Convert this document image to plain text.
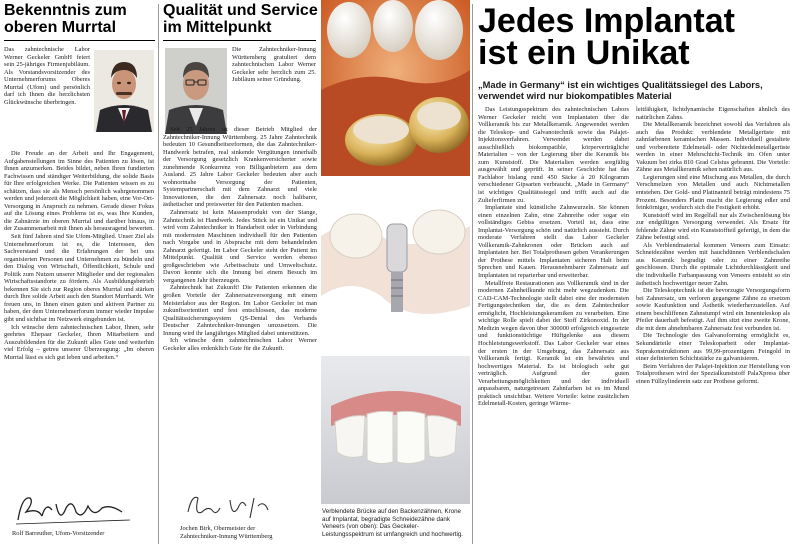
Bekenntnis zum oberen Murrtal

Das zahntechnische Labor Werner Geckeler GmbH feiert sein 25-jähriges Firmenjubiläum. Als Vorstandsvorsitzender des Unternehmerforums Oberes Murrtal (Ufom) und persönlich darf ich Ihnen die herzlichsten Glückwünsche überbringen.

Die Freude an der Arbeit und Ihr Engagement, Aufgabenstellungen im Sinne des Patienten zu lösen, ist Ihnen anzumerken. Beides bildet, neben Ihren fundierten Fachwissen und ständiger Weiterbildung, die solide Basis für Ihre erfolgreichen Werke. Die Patienten wissen es zu schätzen, dass sie als Mensch persönlich wahrgenommen werden und jederzeit die Möglichkeit haben, eine Vor-Ort-Versorgung in Anspruch zu nehmen. Gerade dieser Fokus auf die Lösung eines Problems ist es, was Ihre Kunden, die Zahnärzte im oberen Murrtal und darüber hinaus, in der Zusammenarbeit mit Ihnen als herausragend bewerten.

Seit fünf Jahren sind Sie Ufom-Mitglied. Unser Ziel als Unternehmerforum ist es, die Interessen, den Sachverstand und die Erfahrungen der bei uns organisierten Personen und Unternehmen zu bündeln und den Dialog von Wirtschaft, Öffentlichkeit, Schule und Politik zum Nutzen unserer Mitglieder und der regionalen Wirtschaftsstandorte zu fördern. Als Ausbildungsbetrieb bekennen Sie sich zur Region oberes Murrtal und stärken durch Ihre solide Arbeit auch den Standort Murrhardt. Wir freuen uns, in Ihnen einen guten und aktiven Partner zu haben, der dem Unternehmerforum immer wieder Impulse gibt und sichtbar im Netzwerk eingebunden ist.

Ich wünsche dem zahntechnischen Labor, Ihnen, sehr geehrtes Ehepaar Geckeler, Ihren Mitarbeitern und Auszubildenden für die Zukunft alles Gute und weiterhin viel Erfolg – getreu unserer Überzeugung: „Im oberen Murrtal lässt es sich gut leben und arbeiten.“

Rolf Barreuther, Ufom-Vorsitzender
Qualität und Service im Mittelpunkt

Die Zahntechniker-Innung Württemberg gratuliert dem zahntechnischen Labor Werner Geckeler sehr herzlich zum 25. Jubiläum seiner Gründung.

Seit 25 Jahren ist dieser Betrieb Mitglied der Zahntechniker-Innung Württemberg. 25 Jahre Zahntechnik bedeuten 10 Gesundheitsreformen, die das Zahntechniker-Handwerk betrafen, real sinkende Vergütungen innerhalb der Versorgung gesetzlich Krankenversicherter sowie zunehmende Konkurrenz von Billiganbietern aus dem Ausland. 25 Jahre Labor Geckeler bedeuten aber auch wohnortnahe Versorgung der Patienten, Systempartnerschaft mit dem Zahnarzt und viele Innovationen, die den Zahnersatz noch haltbarer, ästhetischer und preiswerter für den Patienten machen.

Zahnersatz ist kein Massenprodukt von der Stange, Zahntechnik ist Handwerk. Jedes Stück ist ein Unikat und wird vom Zahntechniker in Handarbeit oder in Verbindung mit modernsten Maschinen individuell für den Patienten nach Vorgabe und in Absprache mit dem behandelnden Zahnarzt gefertigt. Im Labor Geckeler steht der Patient im Mittelpunkt. Qualität und Service werden ebenso großgeschrieben wie Arbeitsschutz und Umweltschutz. Davon konnte sich die Innung bei einem Besuch im vergangenen Jahr überzeugen.

Zahntechnik hat Zukunft! Die Patienten erkennen die großen Vorteile der Zahnersatzversorgung mit einem Meisterlabor aus der Region. Im Labor Geckeler ist man zukunftsorientiert und fest entschlossen, das moderne Qualitätssicherungssystem QS-Dental des Verbands Deutscher Zahntechniker-Innungen umzusetzen. Die Innung wird ihr langjähriges Mitglied dabei unterstützen.

Ich wünsche dem zahntechnischen Labor Werner Geckeler alles erdenklich Gute für die Zukunft.

Jochen Birk, Obermeister der
Zahntechniker-Innung Württemberg
Verblendete Brücke auf den Backenzähnen, Krone auf Implantat, begradigte Schneidezähne dank Veneers (von oben): Das Geckeler-Leistungsspektrum ist umfangreich und hochwertig.
Jedes Implantat
ist ein Unikat
„Made in Germany“ ist ein wichtiges Qualitätssiegel des Labors,
verwendet wird nur biokompatibles Material

Das Leistungsspektrum des zahntechnischen Labors Werner Geckeler reicht von Implantaten über die Vollkeramik bis zur Metallkeramik. Angewendet werden die Teleskop- und Galvanotechnik sowie das Palajet-Injektionsverfahren. Verwendet werden dabei ausschließlich biokompatible, körperverträgliche Materialien – von der Legierung über die Keramik bis zum Kunststoff. Die Materialien werden sorgfältig ausgewählt und geprüft. In seiner Geschichte hat das Fachlabor bislang rund 450 Säcke à 20 Kilogramm verschiedener Gipsarten verbraucht. „Made in Germany“ ist wichtiges Qualitätssiegel und trifft auch auf die Zulieferfirmen zu.

Implantate sind künstliche Zahnwurzeln. Sie können einen einzelnen Zahn, eine Zahnreihe oder sogar ein vollständiges Gebiss ersetzen. Vorteil ist, dass eine Implantat-Versorgung schön und natürlich aussieht. Durch moderate Verfahren stellt das Labor Geckeler Vollkeramik-Zahnkronen oder Brücken auch auf Implantaten her. Bei Totalprothesen geben Verankerungen der Prothese mittels Implantaten sicheren Halt beim Sprechen und Kauen. Herausnehmbarer Zahnersatz auf Implantaten ist reparierbar und erweiterbar.

Metallfreie Restaurationen aus Vollkeramik sind in der modernen Zahnheilkunde nicht mehr wegzudenken. Die CAD-CAM-Technologie stellt dabei eine der modernsten Fertigungstechniken dar, die es dem Zahntechniker ermöglicht, Hochleistungskeramiken zu verarbeiten. Eine wichtige Rolle spielt dabei der Stoff Zirkonoxid. In der Medizin wegen davon über 300000 erfolgreich eingesetzte und funktionstüchtige Hüftgelenke aus diesem Hochleistungswerkstoff. Das Labor Geckeler war eines der ersten in der Umgebung, das Zahnersatz aus Vollkeramik fertigt. Keramik ist ein bewährtes und hochwertiges Material. Es ist biologisch sehr gut verträglich. Aufgrund der guten Verarbeitungsmöglichkeiten und der individuell anpassbaren, naturgetreuen Zahnfarben ist es im Mund praktisch unsichtbar. Weitere Vorteile: keine zusätzlichen Edelmetall-Kosten, geringe Wärme-

leitfähigkeit, lichtdynamische Eigenschaften ähnlich des natürlichen Zahns.

Die Metallkeramik bezeichnet sowohl das Verfahren als auch das Produkt: verblendete Metallgerüste mit zahnfarbenen keramischen Massen. Individuell gestaltete und vorbereitete Edelmetall- oder Nichtedelmetallgerüste werden in einer Mehrschicht-Technik im Ofen unter Vakuum bei zirka 810 Grad Celsius gebrannt. Die Vorteile: Zähne aus Metallkeramik sehen natürlich aus.

Legierungen sind eine Mischung aus Metallen, die durch Verschmelzen von Metallen und auch Nichtmetallen entstehen. Der Gold- und Platinanteil beträgt mindestens 75 Prozent. Besonders Platin macht die Legierung edler und feinkörniger, wodurch sich die Festigkeit erhöht.

Kunststoff wird im Regelfall nur als Zwischenlösung bis zur endgültigen Versorgung verwendet. Als Ersatz für fehlende Zähne wird ein Kunststoffteil gefertigt, in dem die Zähne befestigt sind.

Als Verblendmaterial kommen Veneers zum Einsatz: Schneidezähne werden mit hauchdünnen Verblendschalen aus Keramik begradigt oder zu einer Zahnreihe geschlossen. Durch die optimale Lichtdurchlässigkeit und die individuelle Farbanpassung von Veneers entsteht so ein ästhetisch hochwertiger neuer Zahn.

Die Teleskoptechnik ist die bevorzugte Versorgungsform bei Zahnersatz, um verloren gegangene Zähne zu ersetzen sowie Kaufunktion und Ästhetik wiederherzustellen. Auf einem beschliffenen Zahnstumpf wird ein Innenteleskop als Pfeiler dauerhaft befestigt. Auf ihm sitzt eine zweite Krone, die mit dem abnehmbaren Zahnersatz fest verbunden ist.

Die Technologie des Galvanoforming ermöglicht es, Sekundärteile einer Teleskoparbeit oder Implantat-Suprakonstruktionen aus 99,99-prozentigem Feingold in einer definierten Schichtstärke zu galvanisieren.

Beim Verfahren der Palajet-Injektion zur Herstellung von Totalprothesen wird der Spezialkunststoff PalaXpress über einen Füllzylinderein satz zur Prothese geformt.
